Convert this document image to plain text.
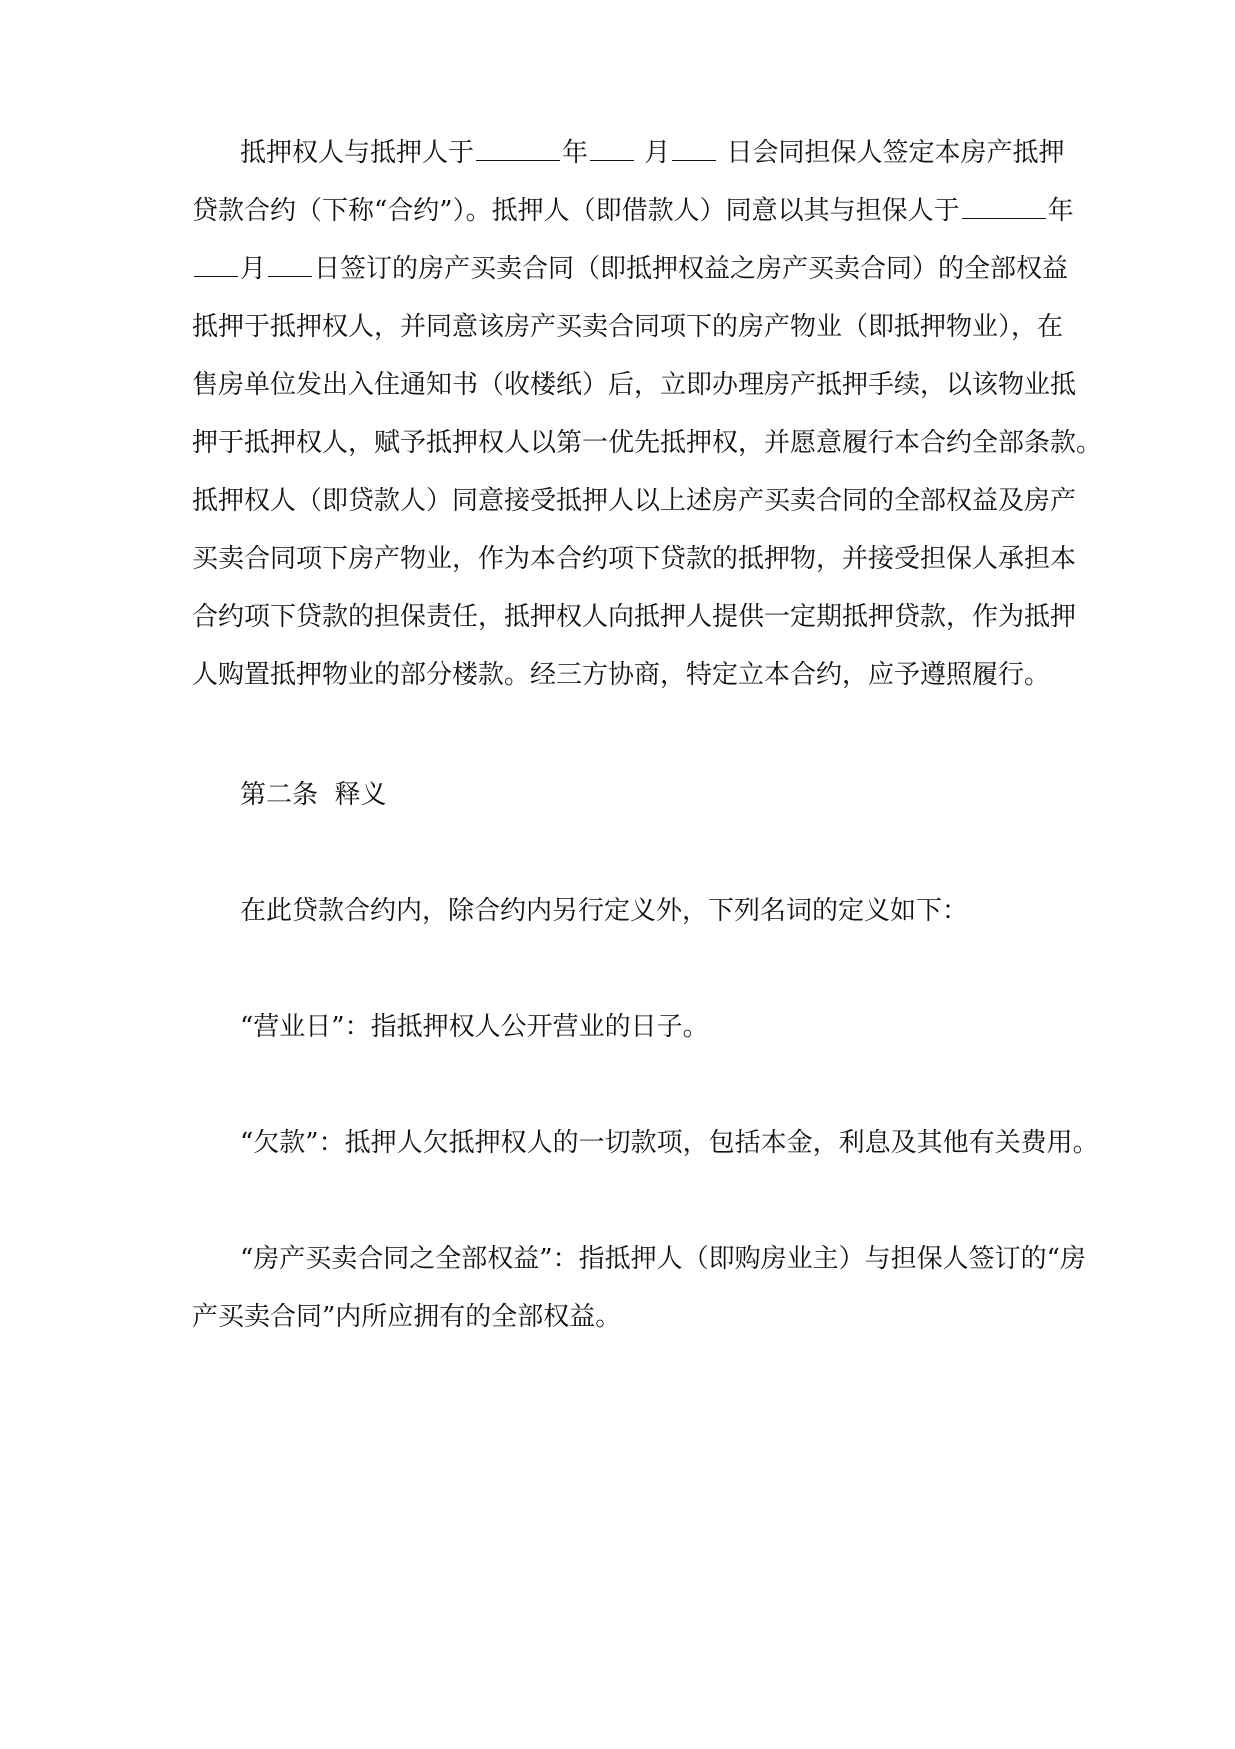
抵押权人与抵押人于	年 月 日会同担保人签定本房产抵押
贷款合约（下称“合约”）。抵押人（即借款人）同意以其与担保人于	年
月 日签订的房产买卖合同（即抵押权益之房产买卖合同）的全部权益
抵押于抵押权人，并同意该房产买卖合同项下的房产物业（即抵押物业），在
售房单位发出入住通知书（收楼纸）后，立即办理房产抵押手续，以该物业抵
押于抵押权人，赋予抵押权人以第一优先抵押权，并愿意履行本合约全部条款。
抵押权人（即贷款人）同意接受抵押人以上述房产买卖合同的全部权益及房产
买卖合同项下房产物业，作为本合约项下贷款的抵押物，并接受担保人承担本
合约项下贷款的担保责任，抵押权人向抵押人提供一定期抵押贷款，作为抵押
人购置抵押物业的部分楼款。经三方协商，特定立本合约，应予遵照履行。
第二条  释义
在此贷款合约内，除合约内另行定义外，下列名词的定义如下：
“营业日”：指抵押权人公开营业的日子。
“欠款”：抵押人欠抵押权人的一切款项，包括本金，利息及其他有关费用。
“房产买卖合同之全部权益”：指抵押人（即购房业主）与担保人签订的“房
产买卖合同”内所应拥有的全部权益。
